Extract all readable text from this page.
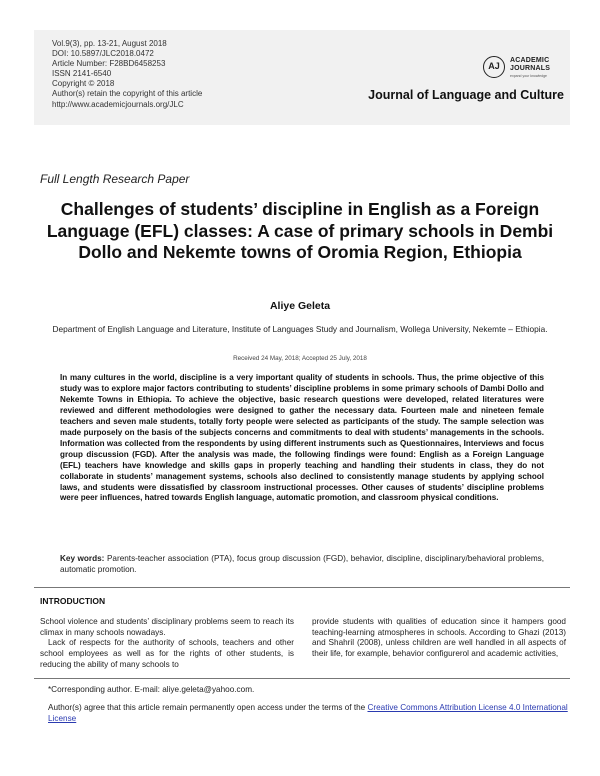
Vol.9(3), pp. 13-21, August 2018
DOI: 10.5897/JLC2018.0472
Article Number: F28BD6458253
ISSN 2141-6540
Copyright © 2018
Author(s) retain the copyright of this article
http://www.academicjournals.org/JLC
AJ
ACADEMIC
JOURNALS
expand your knowledge
Journal of Language and Culture
Full Length Research Paper
Challenges of students’ discipline in English as a Foreign Language (EFL) classes: A case of primary schools in Dembi Dollo and Nekemte towns of Oromia Region, Ethiopia
Aliye Geleta
Department of English Language and Literature, Institute of Languages Study and Journalism, Wollega University, Nekemte – Ethiopia.
Received 24 May, 2018; Accepted 25 July, 2018
In many cultures in the world, discipline is a very important quality of students in schools. Thus, the prime objective of this study was to explore major factors contributing to students’ discipline problems in some primary schools of Dambi Dollo and Nekemte Towns in Ethiopia. To achieve the objective, basic research questions were developed, related literatures were reviewed and different methodologies were designed to gather the necessary data. Fourteen male and nineteen female teachers and seven male students, totally forty people were selected as participants of the study. The sample selection was made purposely on the basis of the subjects concerns and commitments to deal with students’ managements in the schools. Information was collected from the respondents by using different instruments such as Questionnaires, Interviews and focus group discussion (FGD). After the analysis was made, the following findings were found: English as a Foreign Language (EFL) teachers have knowledge and skills gaps in properly teaching and handling their students in class, they do not collaborate in students’ management systems, schools also declined to consistently manage students by applying school laws, and students were dissatisfied by classroom instructional processes. Other causes of students’ discipline problems were peer influences, hatred towards English language, automatic promotion, and classroom physical conditions.
Key words: Parents-teacher association (PTA), focus group discussion (FGD), behavior, discipline, disciplinary/behavioral problems, automatic promotion.
INTRODUCTION

School violence and students’ disciplinary problems seem to reach its climax in many schools nowadays.

Lack of respects for the authority of schools, teachers and other school employees as well as for the rights of other students, is reducing the ability of many schools to

provide students with qualities of education since it hampers good teaching-learning atmospheres in schools. According to Ghazi (2013) and Shahril (2008), unless children are well handled in all aspects of their life, for example, behavior configurerol and academic activities,

*Corresponding author. E-mail: aliye.geleta@yahoo.com.
Author(s) agree that this article remain permanently open access under the terms of the Creative Commons Attribution License 4.0 International License
